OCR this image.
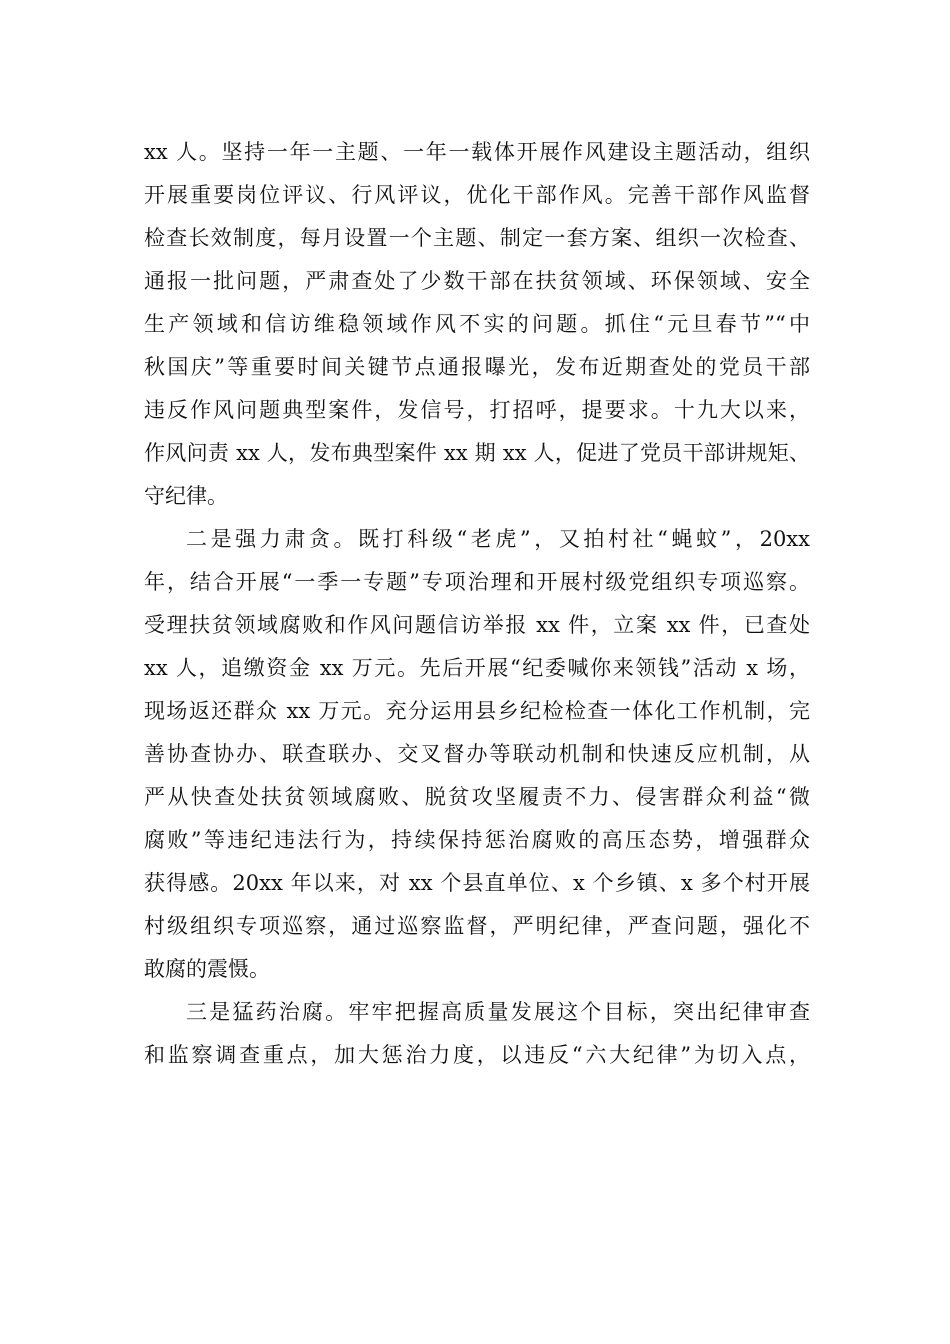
xx 人。坚持一年一主题、一年一载体开展作风建设主题活动，组织
开展重要岗位评议、行风评议，优化干部作风。完善干部作风监督
检查长效制度，每月设置一个主题、制定一套方案、组织一次检查、
通报一批问题，严肃查处了少数干部在扶贫领域、环保领域、安全
生产领域和信访维稳领域作风不实的问题。抓住“元旦春节”“中
秋国庆”等重要时间关键节点通报曝光，发布近期查处的党员干部
违反作风问题典型案件，发信号，打招呼，提要求。十九大以来，
作风问责 xx 人，发布典型案件 xx 期 xx 人，促进了党员干部讲规矩、
守纪律。
二是强力肃贪。既打科级“老虎”，又拍村社“蝇蚊”，20xx
年，结合开展“一季一专题”专项治理和开展村级党组织专项巡察。
受理扶贫领域腐败和作风问题信访举报 xx 件，立案 xx 件，已查处
xx 人，追缴资金 xx 万元。先后开展“纪委喊你来领钱”活动 x 场，
现场返还群众 xx 万元。充分运用县乡纪检检查一体化工作机制，完
善协查协办、联查联办、交叉督办等联动机制和快速反应机制，从
严从快查处扶贫领域腐败、脱贫攻坚履责不力、侵害群众利益“微
腐败”等违纪违法行为，持续保持惩治腐败的高压态势，增强群众
获得感。20xx 年以来，对 xx 个县直单位、x 个乡镇、x 多个村开展
村级组织专项巡察，通过巡察监督，严明纪律，严查问题，强化不
敢腐的震慑。
三是猛药治腐。牢牢把握高质量发展这个目标，突出纪律审查
和监察调查重点，加大惩治力度，以违反“六大纪律”为切入点，
